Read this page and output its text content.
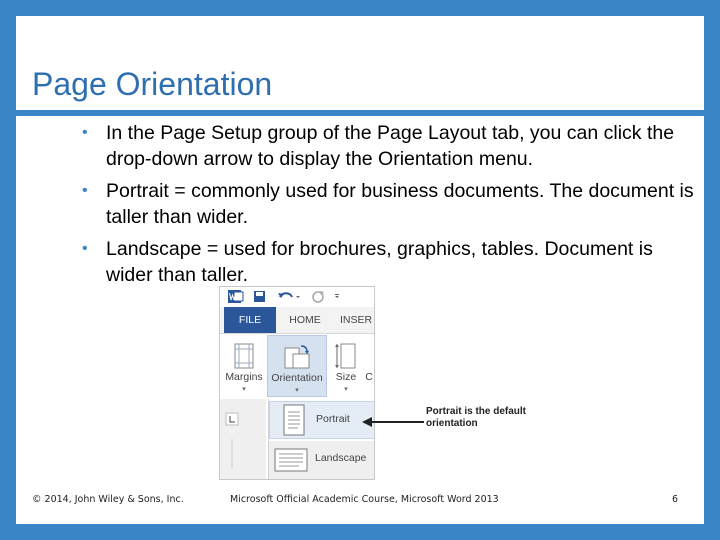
Page Orientation
• In the Page Setup group of the Page Layout tab, you can click the drop-down arrow to display the Orientation menu.
• Portrait = commonly used for business documents. The document is taller than wider.
• Landscape = used for brochures, graphics, tables. Document is wider than taller.
FILE	HOME	INSER
Margins
▾
Orientation
▾
Size
▾
C
Portrait
Landscape
Portrait is the default
orientation
© 2014, John Wiley & Sons, Inc.	Microsoft Official Academic Course, Microsoft Word 2013	6
